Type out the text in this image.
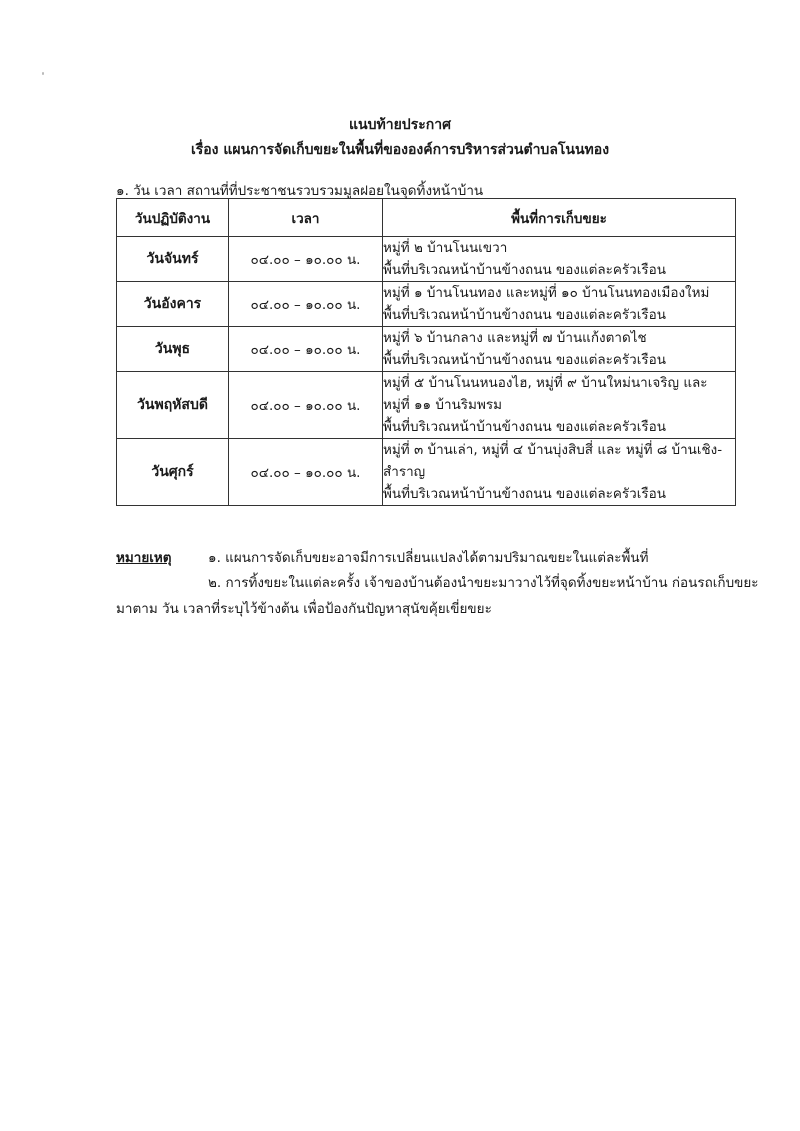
แนบท้ายประกาศ
เรื่อง แผนการจัดเก็บขยะในพื้นที่ขององค์การบริหารส่วนตำบลโนนทอง
๑. วัน เวลา สถานที่ที่ประชาชนรวบรวมมูลฝอยในจุดทิ้งหน้าบ้าน
วันปฏิบัติงาน	เวลา	พื้นที่การเก็บขยะ
วันจันทร์	๐๔.๐๐ – ๑๐.๐๐ น.	หมู่ที่ ๒ บ้านโนนเขวา
พื้นที่บริเวณหน้าบ้านข้างถนน ของแต่ละครัวเรือน

วันอังคาร	๐๔.๐๐ – ๑๐.๐๐ น.	หมู่ที่ ๑ บ้านโนนทอง และหมู่ที่ ๑๐ บ้านโนนทองเมืองใหม่
พื้นที่บริเวณหน้าบ้านข้างถนน ของแต่ละครัวเรือน

วันพุธ	๐๔.๐๐ – ๑๐.๐๐ น.	หมู่ที่ ๖ บ้านกลาง และหมู่ที่ ๗ บ้านแก้งตาดไช
พื้นที่บริเวณหน้าบ้านข้างถนน ของแต่ละครัวเรือน

วันพฤหัสบดี	๐๔.๐๐ – ๑๐.๐๐ น.	หมู่ที่ ๕ บ้านโนนหนองไฮ, หมู่ที่ ๙ บ้านใหม่นาเจริญ และ
หมู่ที่ ๑๑ บ้านริมพรม
พื้นที่บริเวณหน้าบ้านข้างถนน ของแต่ละครัวเรือน

วันศุกร์	๐๔.๐๐ – ๑๐.๐๐ น.	หมู่ที่ ๓ บ้านเล่า, หมู่ที่ ๔ บ้านบุ่งสิบสี่ และ หมู่ที่ ๘ บ้านเชิง-
สำราญ
พื้นที่บริเวณหน้าบ้านข้างถนน ของแต่ละครัวเรือน
หมายเหตุ	๑. แผนการจัดเก็บขยะอาจมีการเปลี่ยนแปลงได้ตามปริมาณขยะในแต่ละพื้นที่
๒. การทิ้งขยะในแต่ละครั้ง เจ้าของบ้านต้องนำขยะมาวางไว้ที่จุดทิ้งขยะหน้าบ้าน ก่อนรถเก็บขยะ
มาตาม วัน เวลาที่ระบุไว้ข้างต้น เพื่อป้องกันปัญหาสุนัขคุ้ยเขี่ยขยะ
